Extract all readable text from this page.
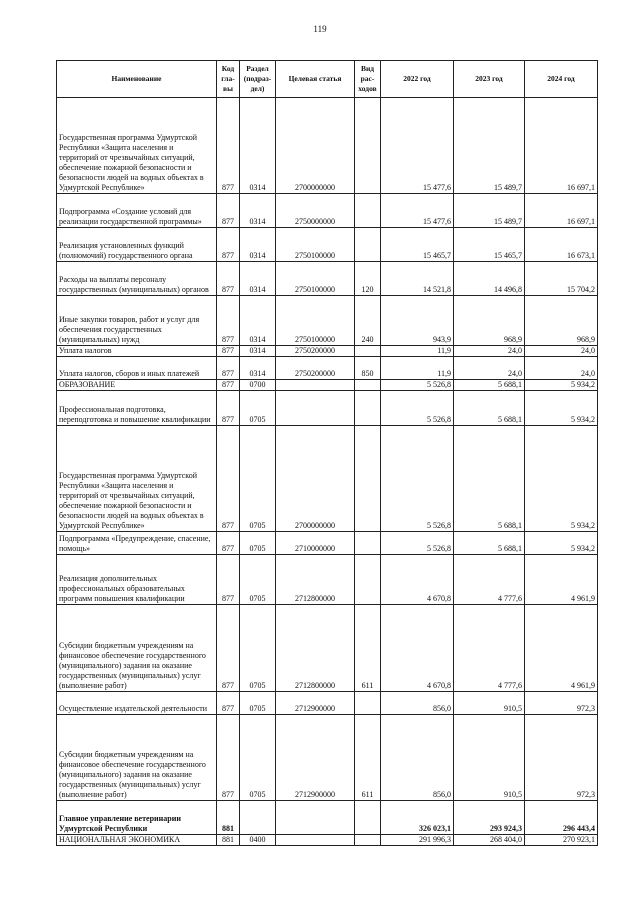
119
Наименование	Код гла- вы	Раздел (подраз- дел)	Целевая статья	Вид рас- ходов	2022 год	2023 год	2024 год
Государственная программа Удмуртской Республики «Защита населения и территорий от чрезвычайных ситуаций, обеспечение пожарной безопасности и безопасности людей на водных объектах в Удмуртской Республике»	877	0314	2700000000		15 477,6	15 489,7	16 697,1
Подпрограмма «Создание условий для реализации государственной программы»	877	0314	2750000000		15 477,6	15 489,7	16 697,1
Реализация установленных функций (полномочий) государственного органа	877	0314	2750100000		15 465,7	15 465,7	16 673,1
Расходы на выплаты персоналу государственных (муниципальных) органов	877	0314	2750100000	120	14 521,8	14 496,8	15 704,2
Иные закупки товаров, работ и услуг для обеспечения государственных (муниципальных) нужд	877	0314	2750100000	240	943,9	968,9	968,9
Уплата налогов	877	0314	2750200000		11,9	24,0	24,0
Уплата налогов, сборов и иных платежей	877	0314	2750200000	850	11,9	24,0	24,0
ОБРАЗОВАНИЕ	877	0700			5 526,8	5 688,1	5 934,2
Профессиональная подготовка, переподготовка и повышение квалификации	877	0705			5 526,8	5 688,1	5 934,2
Государственная программа Удмуртской Республики «Защита населения и территорий от чрезвычайных ситуаций, обеспечение пожарной безопасности и безопасности людей на водных объектах в Удмуртской Республике»	877	0705	2700000000		5 526,8	5 688,1	5 934,2
Подпрограмма «Предупреждение, спасение, помощь»	877	0705	2710000000		5 526,8	5 688,1	5 934,2
Реализация дополнительных профессиональных образовательных программ повышения квалификации	877	0705	2712800000		4 670,8	4 777,6	4 961,9
Субсидии бюджетным учреждениям на финансовое обеспечение государственного (муниципального) задания на оказание государственных (муниципальных) услуг (выполнение работ)	877	0705	2712800000	611	4 670,8	4 777,6	4 961,9
Осуществление издательской деятельности	877	0705	2712900000		856,0	910,5	972,3
Субсидии бюджетным учреждениям на финансовое обеспечение государственного (муниципального) задания на оказание государственных (муниципальных) услуг (выполнение работ)	877	0705	2712900000	611	856,0	910,5	972,3
Главное управление ветеринарии Удмуртской Республики	881				326 023,1	293 924,3	296 443,4
НАЦИОНАЛЬНАЯ ЭКОНОМИКА	881	0400			291 996,3	268 404,0	270 923,1
